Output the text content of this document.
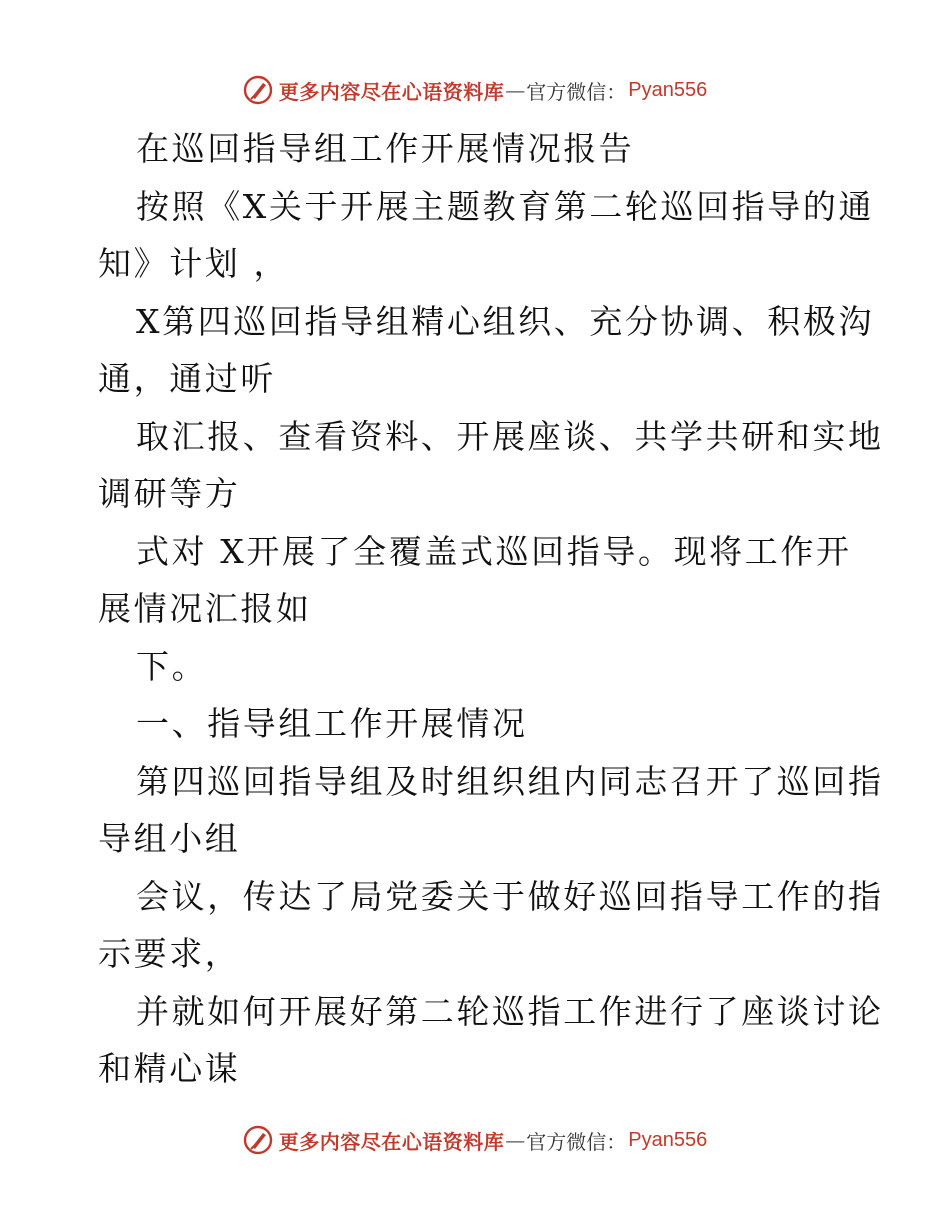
更多内容尽在心语资料库 — 官方微信： Pyan556
在巡回指导组工作开展情况报告
按照《X关于开展主题教育第二轮巡回指导的通
知》计划 ，
X第四巡回指导组精心组织、充分协调、积极沟
通，通过听
取汇报、查看资料、开展座谈、共学共研和实地
调研等方
式对 X开展了全覆盖式巡回指导。现将工作开
展情况汇报如
下。
一、指导组工作开展情况
第四巡回指导组及时组织组内同志召开了巡回指
导组小组
会议，传达了局党委关于做好巡回指导工作的指
示要求，
并就如何开展好第二轮巡指工作进行了座谈讨论
和精心谋
更多内容尽在心语资料库 — 官方微信： Pyan556
